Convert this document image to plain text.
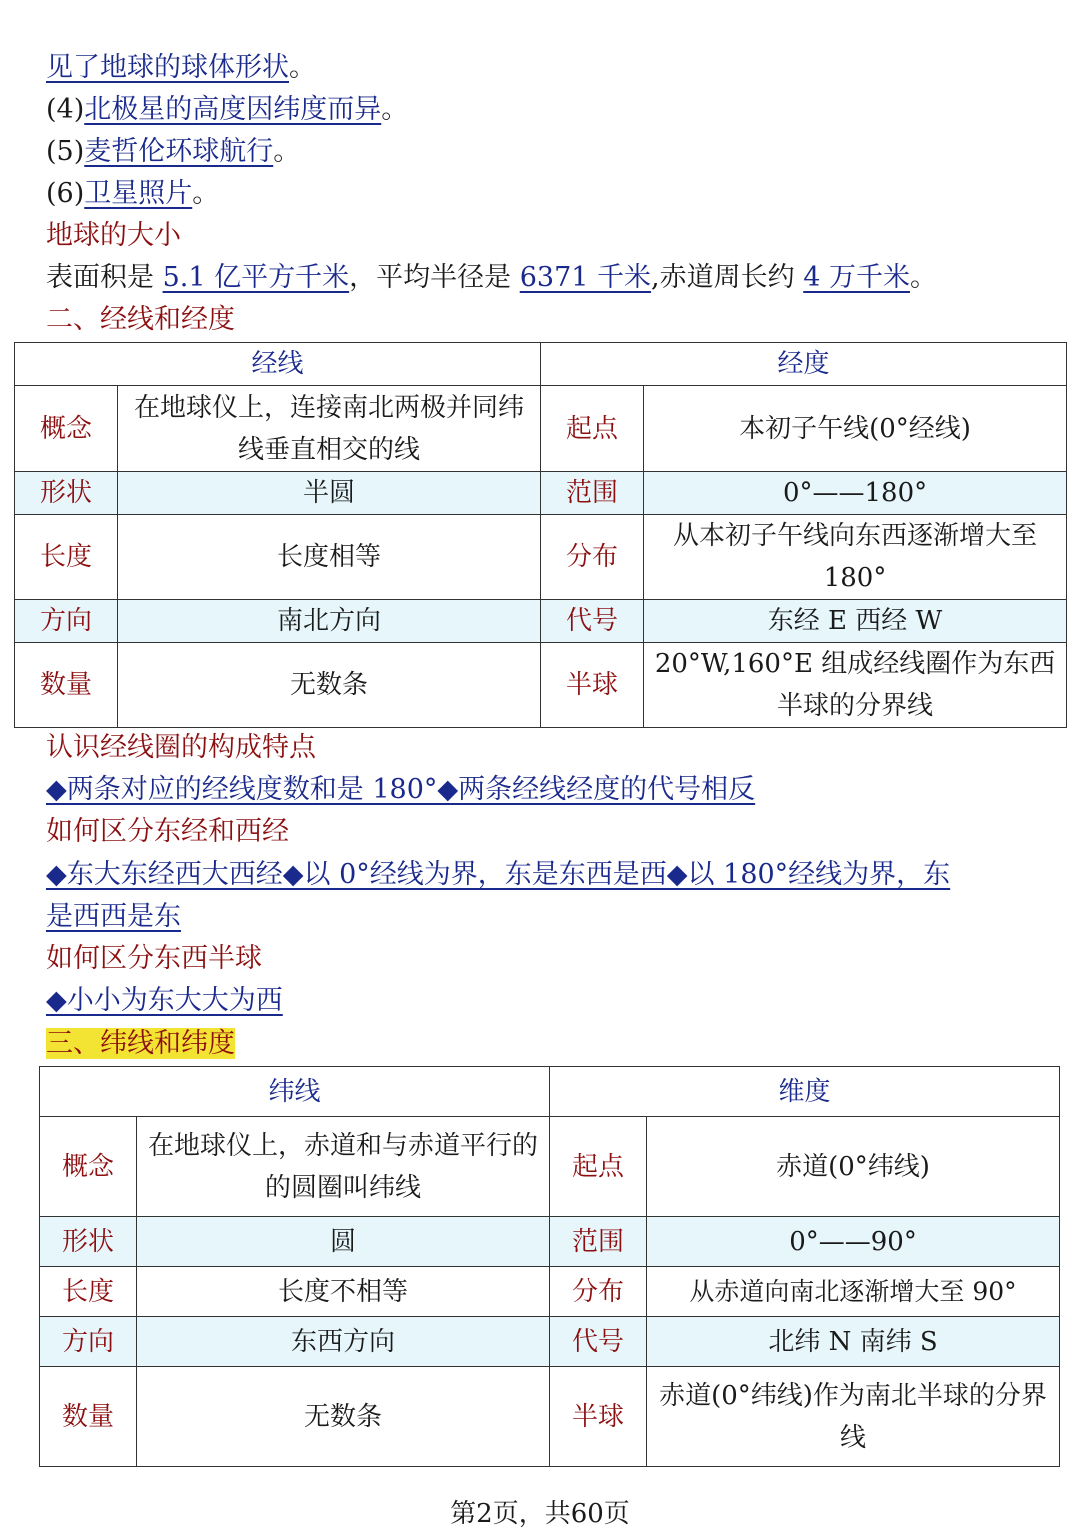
见了地球的球体形状。
(4)北极星的高度因纬度而异。
(5)麦哲伦环球航行。
(6)卫星照片。
地球的大小
表面积是 5.1 亿平方千米，平均半径是 6371 千米,赤道周长约 4 万千米。
二、经线和经度
经线		经度	
概念	在地球仪上，连接南北两极并同纬线垂直相交的线	起点	本初子午线(0°经线)
形状	半圆	范围	0°——180°
长度	长度相等	分布	从本初子午线向东西逐渐增大至 180°
方向	南北方向	代号	东经 E 西经 W
数量	无数条	半球	20°W,160°E 组成经线圈作为东西半球的分界线
认识经线圈的构成特点
◆两条对应的经线度数和是 180°◆两条经线经度的代号相反
如何区分东经和西经
◆东大东经西大西经◆以 0°经线为界，东是东西是西◆以 180°经线为界，东
是西西是东
如何区分东西半球
◆小小为东大大为西
三、纬线和纬度
纬线		维度	
概念	在地球仪上，赤道和与赤道平行的的圆圈叫纬线	起点	赤道(0°纬线)
形状	圆	范围	0°——90°
长度	长度不相等	分布	从赤道向南北逐渐增大至 90°
方向	东西方向	代号	北纬 N 南纬 S
数量	无数条	半球	赤道(0°纬线)作为南北半球的分界线
第2页，共60页
